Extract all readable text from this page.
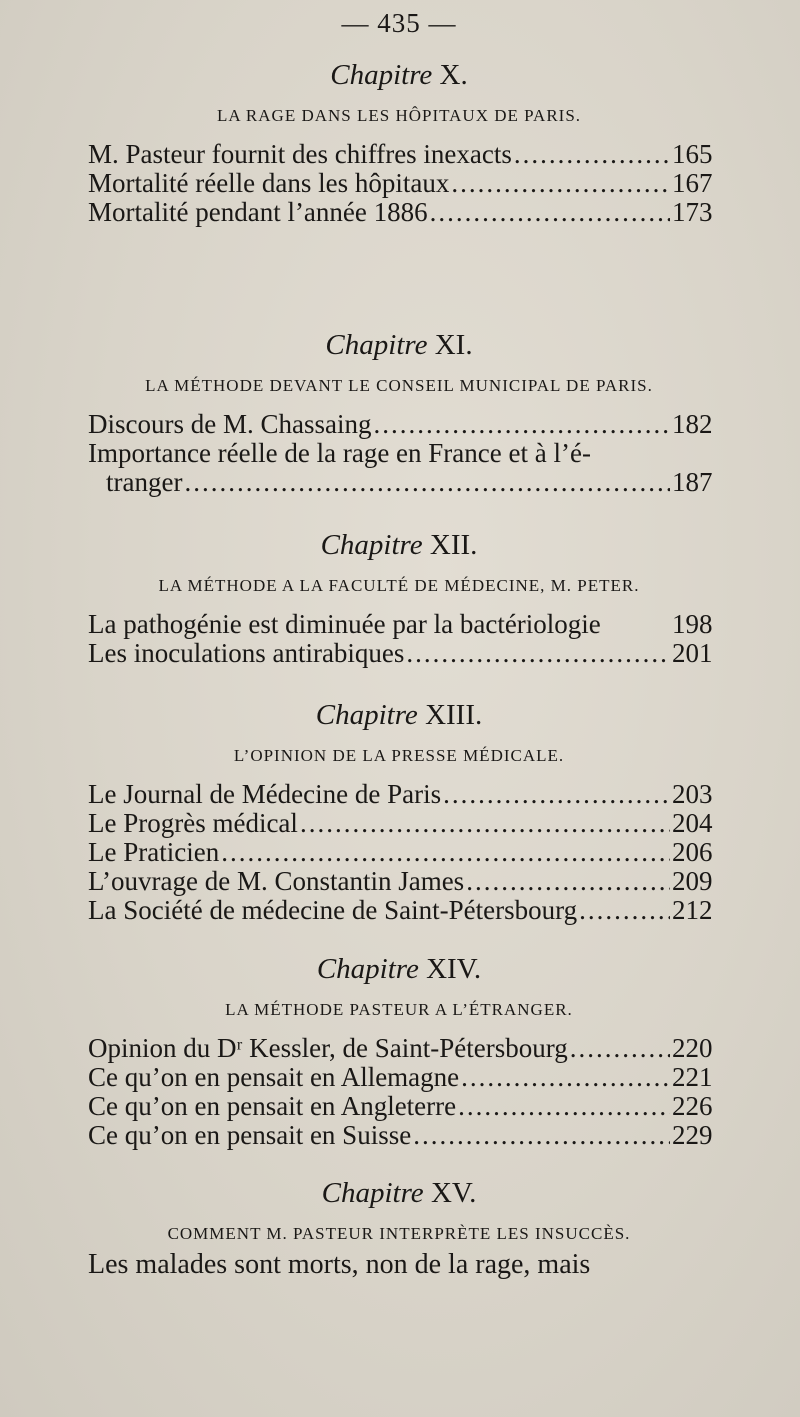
— 435 —
Chapitre X.
LA RAGE DANS LES HÔPITAUX DE PARIS.
M. Pasteur fournit des chiffres inexacts .....	165
Mortalité réelle dans les hôpitaux .....	167
Mortalité pendant l’année 1886 .....	173
Chapitre XI.
LA MÉTHODE DEVANT LE CONSEIL MUNICIPAL DE PARIS.
Discours de M. Chassaing .....	182
Importance réelle de la rage en France et à l’é-
tranger .....	187
Chapitre XII.
LA MÉTHODE A LA FACULTÉ DE MÉDECINE, M. PETER.
La pathogénie est diminuée par la bactériologie	198
Les inoculations antirabiques .....	201
Chapitre XIII.
L’OPINION DE LA PRESSE MÉDICALE.
Le Journal de Médecine de Paris .....	203
Le Progrès médical .....	204
Le Praticien .....	206
L’ouvrage de M. Constantin James .....	209
La Société de médecine de Saint-Pétersbourg .....	212
Chapitre XIV.
LA MÉTHODE PASTEUR A L’ÉTRANGER.
Opinion du Dʳ Kessler, de Saint-Pétersbourg .....	220
Ce qu’on en pensait en Allemagne .....	221
Ce qu’on en pensait en Angleterre .....	226
Ce qu’on en pensait en Suisse .....	229
Chapitre XV.
COMMENT M. PASTEUR INTERPRÈTE LES INSUCCÈS.
Les malades sont morts, non de la rage, mais
